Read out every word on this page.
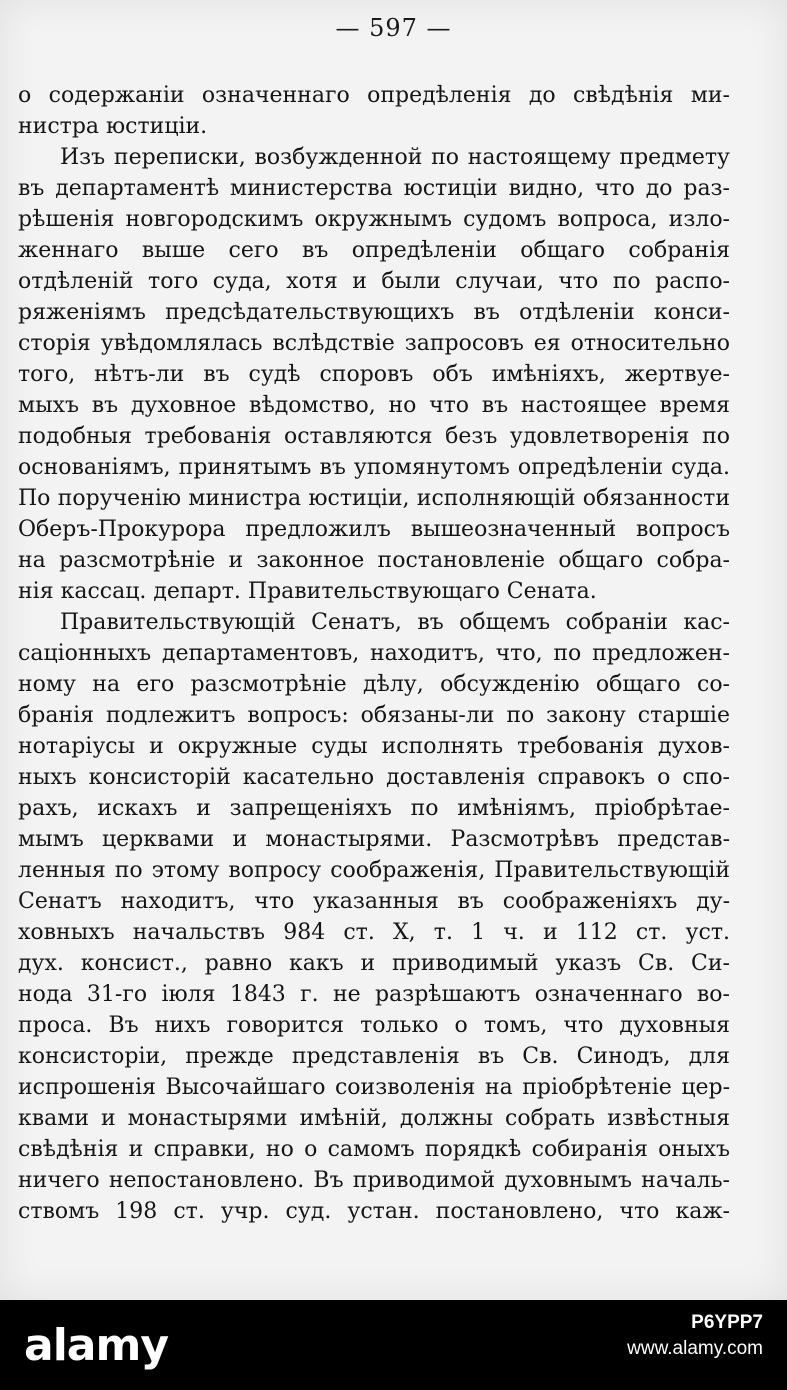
— 597 —
о содержаніи означеннаго опредѣленія до свѣдѣнія ми-
нистра юстиціи.
Изъ переписки, возбужденной по настоящему предмету
въ департаментѣ министерства юстиціи видно, что до раз-
рѣшенія новгородскимъ окружнымъ судомъ вопроса, изло-
женнаго выше сего въ опредѣленіи общаго собранія
отдѣленій того суда, хотя и были случаи, что по распо-
ряженіямъ предсѣдательствующихъ въ отдѣленіи конси-
сторія увѣдомлялась вслѣдствіе запросовъ ея относительно
того, нѣтъ-ли въ судѣ споровъ объ имѣніяхъ, жертвуе-
мыхъ въ духовное вѣдомство, но что въ настоящее время
подобныя требованія оставляются безъ удовлетворенія по
основаніямъ, принятымъ въ упомянутомъ опредѣленіи суда.
По порученію министра юстиціи, исполняющій обязанности
Оберъ-Прокурора предложилъ вышеозначенный вопросъ
на разсмотрѣніе и законное постановленіе общаго собра-
нія кассац. департ. Правительствующаго Сената.
Правительствующій Сенатъ, въ общемъ собраніи кас-
саціонныхъ департаментовъ, находитъ, что, по предложен-
ному на его разсмотрѣніе дѣлу, обсужденію общаго со-
бранія подлежитъ вопросъ: обязаны-ли по закону старшіе
нотаріусы и окружные суды исполнять требованія духов-
ныхъ консисторій касательно доставленія справокъ о спо-
рахъ, искахъ и запрещеніяхъ по имѣніямъ, пріобрѣтае-
мымъ церквами и монастырями. Разсмотрѣвъ представ-
ленныя по этому вопросу соображенія, Правительствующій
Сенатъ находитъ, что указанныя въ соображеніяхъ ду-
ховныхъ начальствъ 984 ст. X, т. 1 ч. и 112 ст. уст.
дух. консист., равно какъ и приводимый указъ Св. Си-
нода 31-го іюля 1843 г. не разрѣшаютъ означеннаго во-
проса. Въ нихъ говорится только о томъ, что духовныя
консисторіи, прежде представленія въ Св. Синодъ, для
испрошенія Высочайшаго соизволенія на пріобрѣтеніе цер-
квами и монастырями имѣній, должны собрать извѣстныя
свѣдѣнія и справки, но о самомъ порядкѣ собиранія оныхъ
ничего непостановлено. Въ приводимой духовнымъ началь-
ствомъ 198 ст. учр. суд. устан. постановлено, что каж-
alamy	P6YPP7
www.alamy.com
